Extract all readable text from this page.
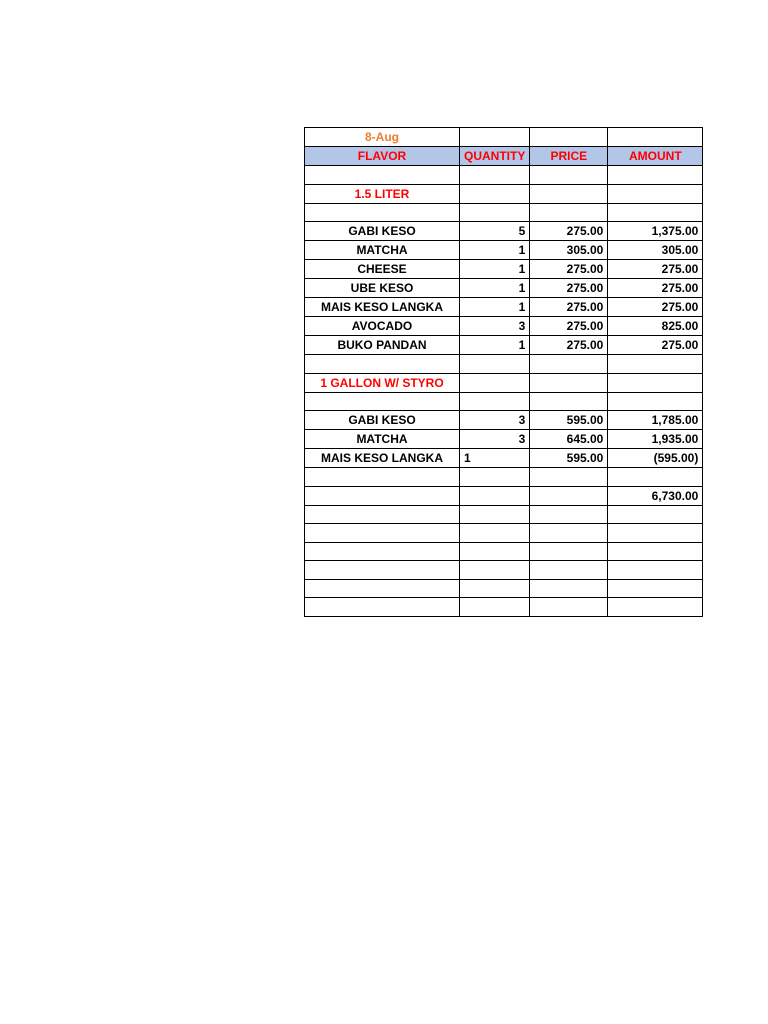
8-Aug			
FLAVOR	QUANTITY	PRICE	AMOUNT

1.5 LITER			

GABI KESO	5	275.00	1,375.00
MATCHA	1	305.00	305.00
CHEESE	1	275.00	275.00
UBE KESO	1	275.00	275.00
MAIS KESO LANGKA	1	275.00	275.00
AVOCADO	3	275.00	825.00
BUKO PANDAN	1	275.00	275.00

1 GALLON W/ STYRO			

GABI KESO	3	595.00	1,785.00
MATCHA	3	645.00	1,935.00
MAIS KESO LANGKA	1	595.00	(595.00)

			6,730.00
